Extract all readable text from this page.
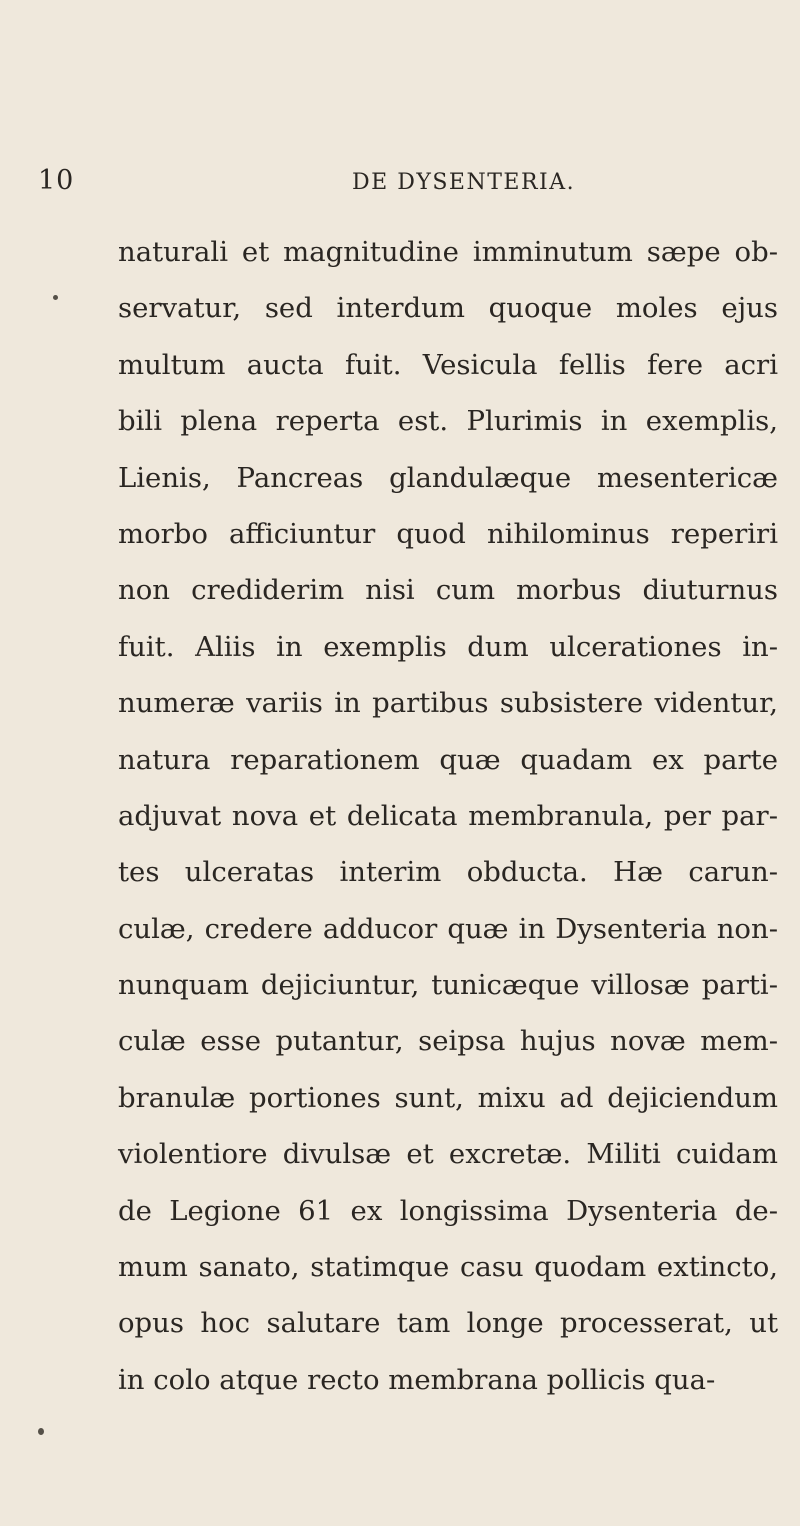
10	DE DYSENTERIA.
naturali et magnitudine imminutum sæpe ob-
servatur, sed interdum quoque moles ejus
multum aucta fuit. Vesicula fellis fere acri
bili plena reperta est. Plurimis in exemplis,
Lienis, Pancreas glandulæque mesentericæ
morbo afficiuntur quod nihilominus reperiri
non crediderim nisi cum morbus diuturnus
fuit. Aliis in exemplis dum ulcerationes in-
numeræ variis in partibus subsistere videntur,
natura reparationem quæ quadam ex parte
adjuvat nova et delicata membranula, per par-
tes ulceratas interim obducta. Hæ carun-
culæ, credere adducor quæ in Dysenteria non-
nunquam dejiciuntur, tunicæque villosæ parti-
culæ esse putantur, seipsa hujus novæ mem-
branulæ portiones sunt, mixu ad dejiciendum
violentiore divulsæ et excretæ. Militi cuidam
de Legione 61 ex longissima Dysenteria de-
mum sanato, statimque casu quodam extincto,
opus hoc salutare tam longe processerat, ut
in colo atque recto membrana pollicis qua-
